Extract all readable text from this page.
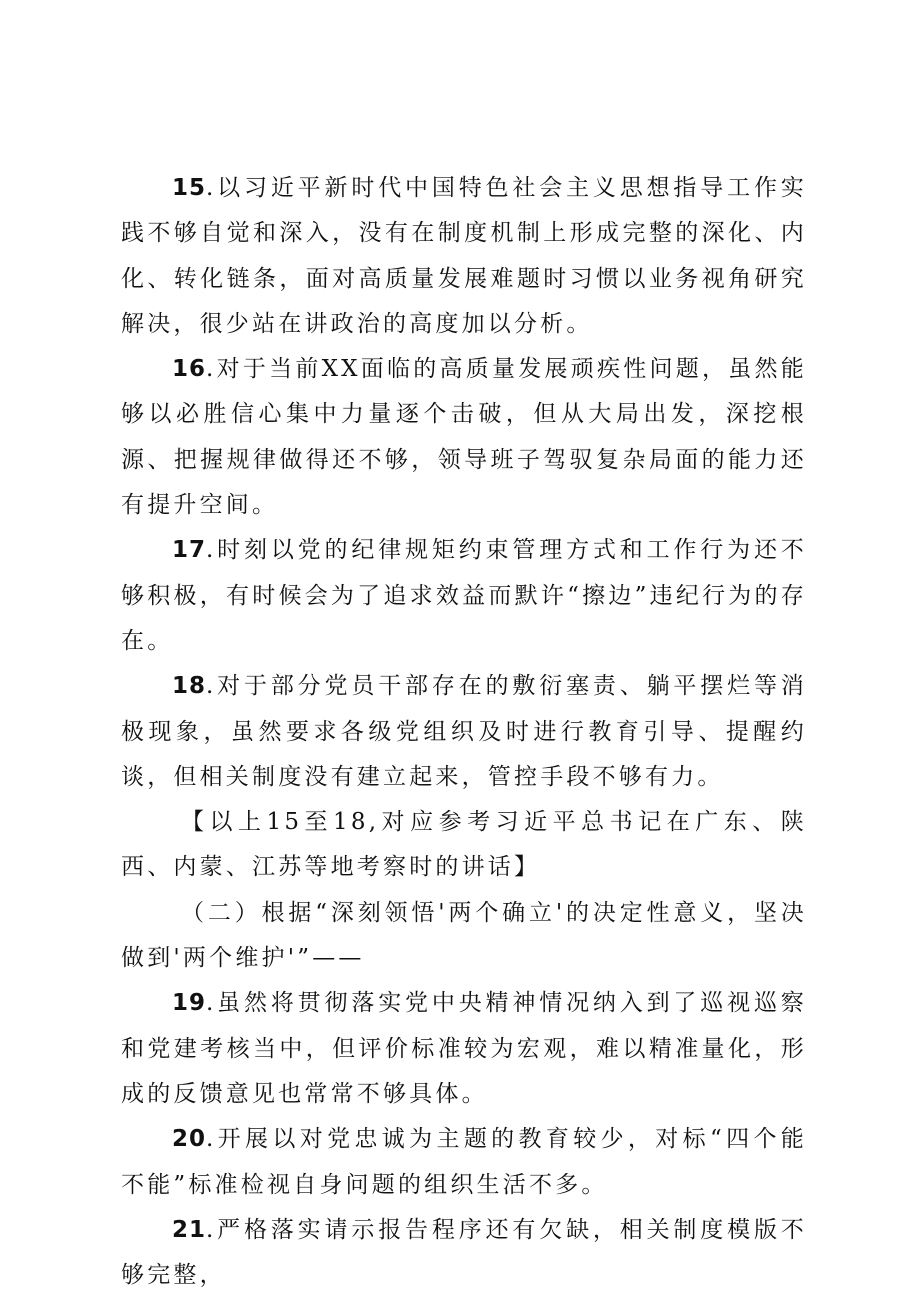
15.以习近平新时代中国特色社会主义思想指导工作实践不够自觉和深入，没有在制度机制上形成完整的深化、内化、转化链条，面对高质量发展难题时习惯以业务视角研究解决，很少站在讲政治的高度加以分析。

16.对于当前XX面临的高质量发展顽疾性问题，虽然能够以必胜信心集中力量逐个击破，但从大局出发，深挖根源、把握规律做得还不够，领导班子驾驭复杂局面的能力还有提升空间。

17.时刻以党的纪律规矩约束管理方式和工作行为还不够积极，有时候会为了追求效益而默许“擦边”违纪行为的存在。

18.对于部分党员干部存在的敷衍塞责、躺平摆烂等消极现象，虽然要求各级党组织及时进行教育引导、提醒约谈，但相关制度没有建立起来，管控手段不够有力。

【以上15至18,对应参考习近平总书记在广东、陕西、内蒙、江苏等地考察时的讲话】

（二）根据“深刻领悟'两个确立'的决定性意义，坚决做到'两个维护'”——

19.虽然将贯彻落实党中央精神情况纳入到了巡视巡察和党建考核当中，但评价标准较为宏观，难以精准量化，形成的反馈意见也常常不够具体。

20.开展以对党忠诚为主题的教育较少，对标“四个能不能”标准检视自身问题的组织生活不多。

21.严格落实请示报告程序还有欠缺，相关制度模版不够完整，
